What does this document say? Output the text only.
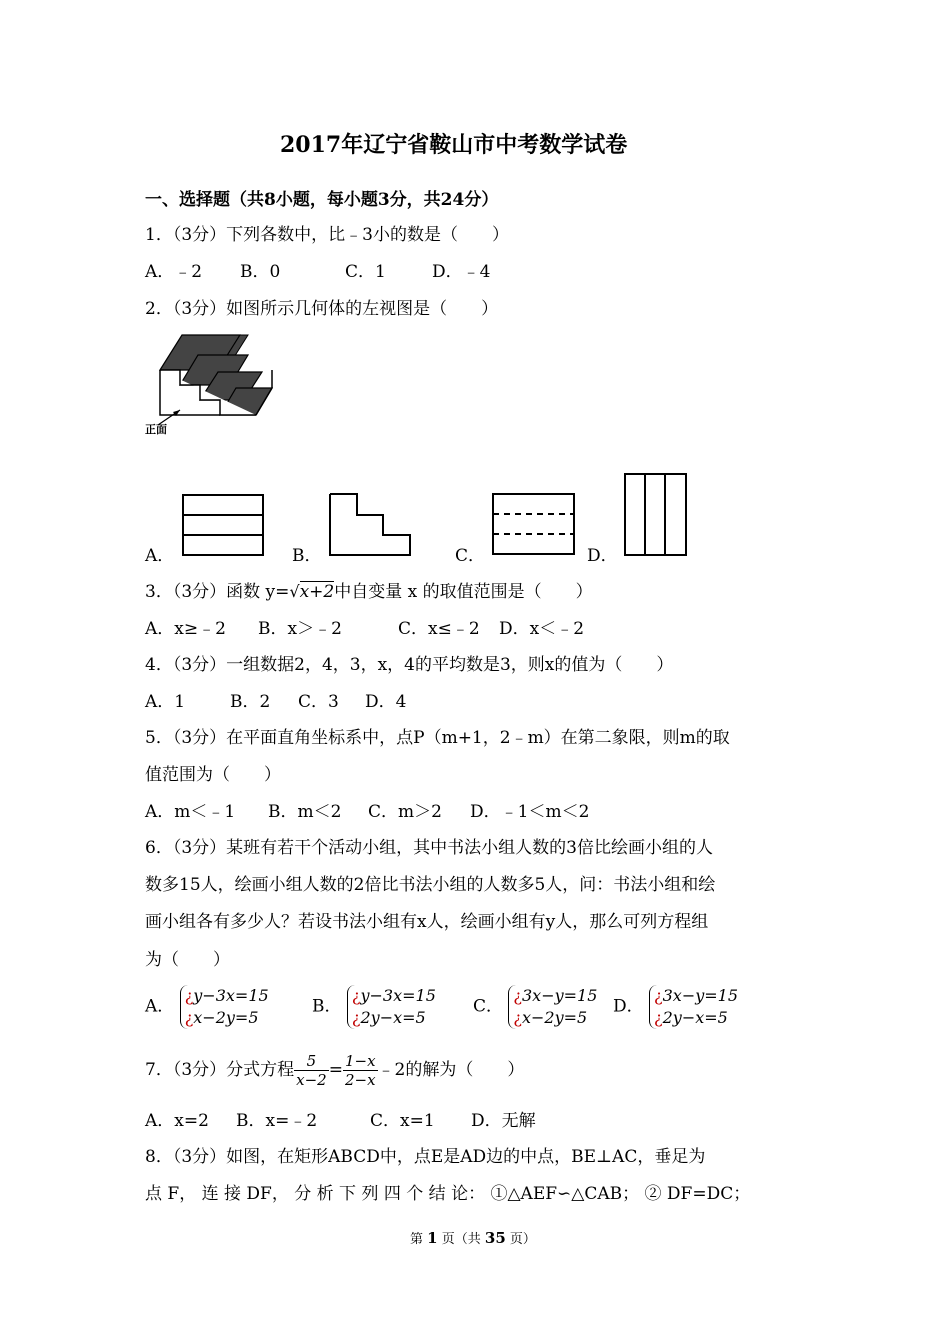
2017年辽宁省鞍山市中考数学试卷
一、选择题（共8小题，每小题3分，共24分）
1．（3分）下列各数中，比﹣3小的数是（　　）
A．﹣2 B．0	C．1	D．﹣4
2．（3分）如图所示几何体的左视图是（　　）
正面
A．	B．	C．	D．
3．（3分）函数 y=√x+2中自变量 x 的取值范围是（　　）
A．x≥﹣2 B．x＞﹣2	C．x≤﹣2 D．x＜﹣2
4．（3分）一组数据2，4，3，x，4的平均数是3，则x的值为（　　）
A．1	B．2 C．3 D．4
5．（3分）在平面直角坐标系中，点P（m+1，2﹣m）在第二象限，则m的取
值范围为（　　）
A．m＜﹣1 B．m＜2 C．m＞2 D．﹣1＜m＜2
6．（3分）某班有若干个活动小组，其中书法小组人数的3倍比绘画小组的人
数多15人，绘画小组人数的2倍比书法小组的人数多5人，问：书法小组和绘
画小组各有多少人？若设书法小组有x人，绘画小组有y人，那么可列方程组
为（　　）
A． ¿y−3x=15
¿x−2y=5
B． ¿y−3x=15
¿2y−x=5
C． ¿3x−y=15
¿x−2y=5
D． ¿3x−y=15
¿2y−x=5
7．（3分）分式方程 $\frac{5}{x-2} = \frac{1-x}{2-x}$ ﹣2的解为（　　）
A．x=2 B．x=﹣2	C．x=1 D．无解
8．（3分）如图，在矩形ABCD中，点E是AD边的中点，BE⊥AC，垂足为
点 F， 连 接 DF， 分 析 下 列 四 个 结 论： ①△AEF∽△CAB； ② DF=DC；
第 1 页（共 35 页）
